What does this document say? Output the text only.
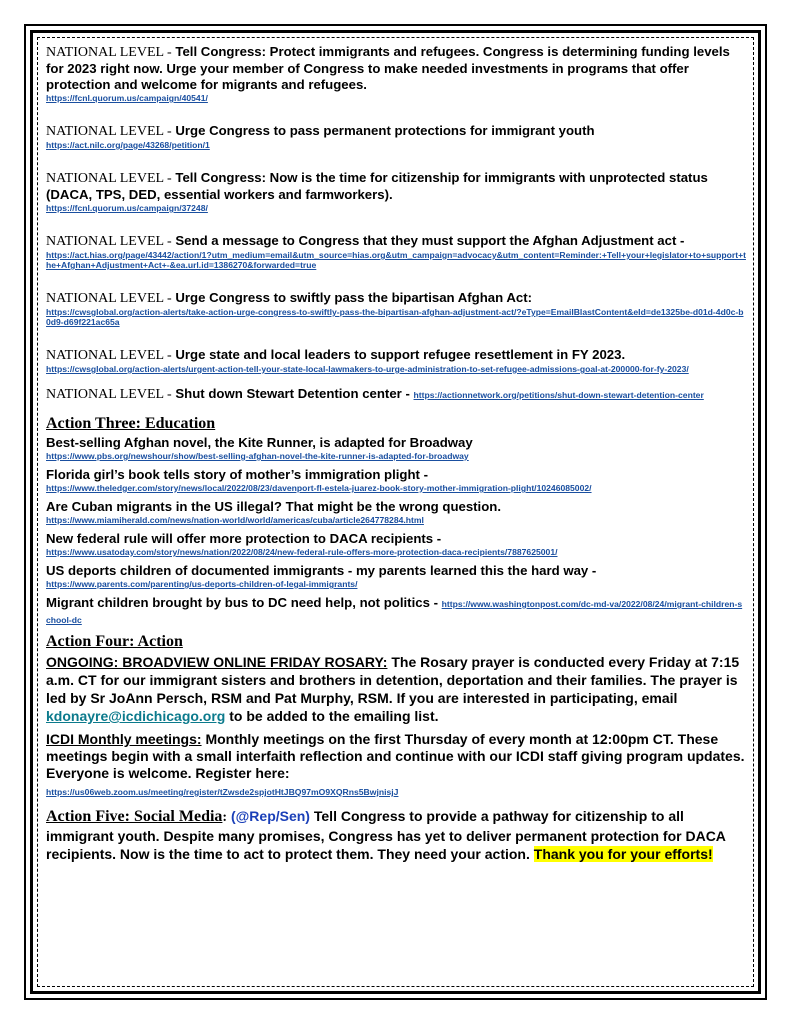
NATIONAL LEVEL - Tell Congress: Protect immigrants and refugees. Congress is determining funding levels for 2023 right now. Urge your member of Congress to make needed investments in programs that offer protection and welcome for migrants and refugees.
https://fcnl.quorum.us/campaign/40541/
NATIONAL LEVEL - Urge Congress to pass permanent protections for immigrant youth
https://act.nilc.org/page/43268/petition/1
NATIONAL LEVEL - Tell Congress: Now is the time for citizenship for immigrants with unprotected status (DACA, TPS, DED, essential workers and farmworkers).
https://fcnl.quorum.us/campaign/37248/
NATIONAL LEVEL - Send a message to Congress that they must support the Afghan Adjustment act -
https://act.hias.org/page/43442/action/1?utm_medium=email&utm_source=hias.org&utm_campaign=advocacy&utm_content=Reminder:+Tell+your+legislator+to+support+the+Afghan+Adjustment+Act+-&ea.url.id=1386270&forwarded=true
NATIONAL LEVEL - Urge Congress to swiftly pass the bipartisan Afghan Act:
https://cwsglobal.org/action-alerts/take-action-urge-congress-to-swiftly-pass-the-bipartisan-afghan-adjustment-act/?eType=EmailBlastContent&eId=de1325be-d01d-4d0c-b0d9-d69f221ac65a
NATIONAL LEVEL - Urge state and local leaders to support refugee resettlement in FY 2023.
https://cwsglobal.org/action-alerts/urgent-action-tell-your-state-local-lawmakers-to-urge-administration-to-set-refugee-admissions-goal-at-200000-for-fy-2023/
NATIONAL LEVEL - Shut down Stewart Detention center - https://actionnetwork.org/petitions/shut-down-stewart-detention-center
Action Three: Education
Best-selling Afghan novel, the Kite Runner, is adapted for Broadway
https://www.pbs.org/newshour/show/best-selling-afghan-novel-the-kite-runner-is-adapted-for-broadway
Florida girl’s book tells story of mother’s immigration plight -
https://www.theledger.com/story/news/local/2022/08/23/davenport-fl-estela-juarez-book-story-mother-immigration-plight/10246085002/
Are Cuban migrants in the US illegal? That might be the wrong question.
https://www.miamiherald.com/news/nation-world/world/americas/cuba/article264778284.html
New federal rule will offer more protection to DACA recipients -
https://www.usatoday.com/story/news/nation/2022/08/24/new-federal-rule-offers-more-protection-daca-recipients/7887625001/
US deports children of documented immigrants - my parents learned this the hard way -
https://www.parents.com/parenting/us-deports-children-of-legal-immigrants/
Migrant children brought by bus to DC need help, not politics - https://www.washingtonpost.com/dc-md-va/2022/08/24/migrant-children-school-dc
Action Four: Action
ONGOING: BROADVIEW ONLINE FRIDAY ROSARY: The Rosary prayer is conducted every Friday at 7:15 a.m. CT for our immigrant sisters and brothers in detention, deportation and their families. The prayer is led by Sr JoAnn Persch, RSM and Pat Murphy, RSM. If you are interested in participating, email kdonayre@icdichicago.org to be added to the emailing list.
ICDI Monthly meetings: Monthly meetings on the first Thursday of every month at 12:00pm CT. These meetings begin with a small interfaith reflection and continue with our ICDI staff giving program updates. Everyone is welcome. Register here:
https://us06web.zoom.us/meeting/register/tZwsde2spjotHtJBQ97mO9XQRns5BwjnisjJ
Action Five: Social Media: (@Rep/Sen) Tell Congress to provide a pathway for citizenship to all immigrant youth. Despite many promises, Congress has yet to deliver permanent protection for DACA recipients. Now is the time to act to protect them. They need your action. Thank you for your efforts!
